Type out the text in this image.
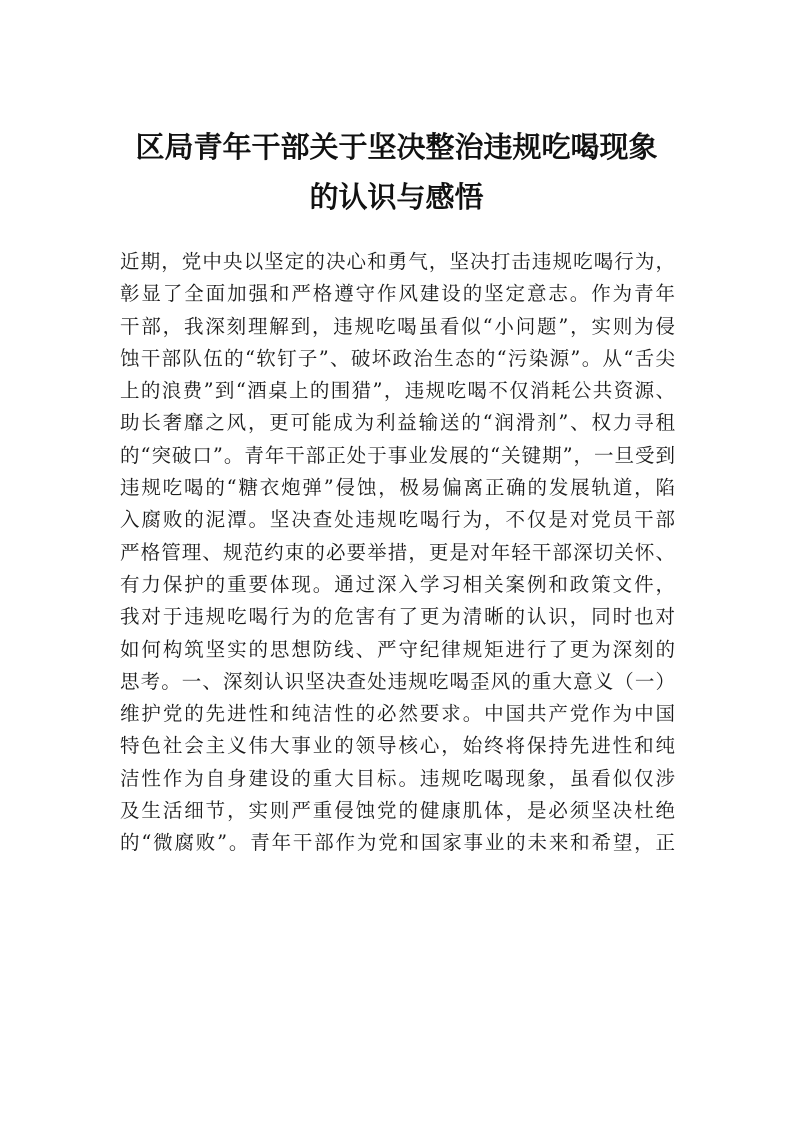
区局青年干部关于坚决整治违规吃喝现象
的认识与感悟
近期，党中央以坚定的决心和勇气，坚决打击违规吃喝行为，
彰显了全面加强和严格遵守作风建设的坚定意志。作为青年
干部，我深刻理解到，违规吃喝虽看似“小问题”，实则为侵
蚀干部队伍的“软钉子”、破坏政治生态的“污染源”。从“舌尖
上的浪费”到“酒桌上的围猎”，违规吃喝不仅消耗公共资源、
助长奢靡之风，更可能成为利益输送的“润滑剂”、权力寻租
的“突破口”。青年干部正处于事业发展的“关键期”，一旦受到
违规吃喝的“糖衣炮弹”侵蚀，极易偏离正确的发展轨道，陷
入腐败的泥潭。坚决查处违规吃喝行为，不仅是对党员干部
严格管理、规范约束的必要举措，更是对年轻干部深切关怀、
有力保护的重要体现。通过深入学习相关案例和政策文件，
我对于违规吃喝行为的危害有了更为清晰的认识，同时也对
如何构筑坚实的思想防线、严守纪律规矩进行了更为深刻的
思考。一、深刻认识坚决查处违规吃喝歪风的重大意义（一）
维护党的先进性和纯洁性的必然要求。中国共产党作为中国
特色社会主义伟大事业的领导核心，始终将保持先进性和纯
洁性作为自身建设的重大目标。违规吃喝现象，虽看似仅涉
及生活细节，实则严重侵蚀党的健康肌体，是必须坚决杜绝
的“微腐败”。青年干部作为党和国家事业的未来和希望，正
